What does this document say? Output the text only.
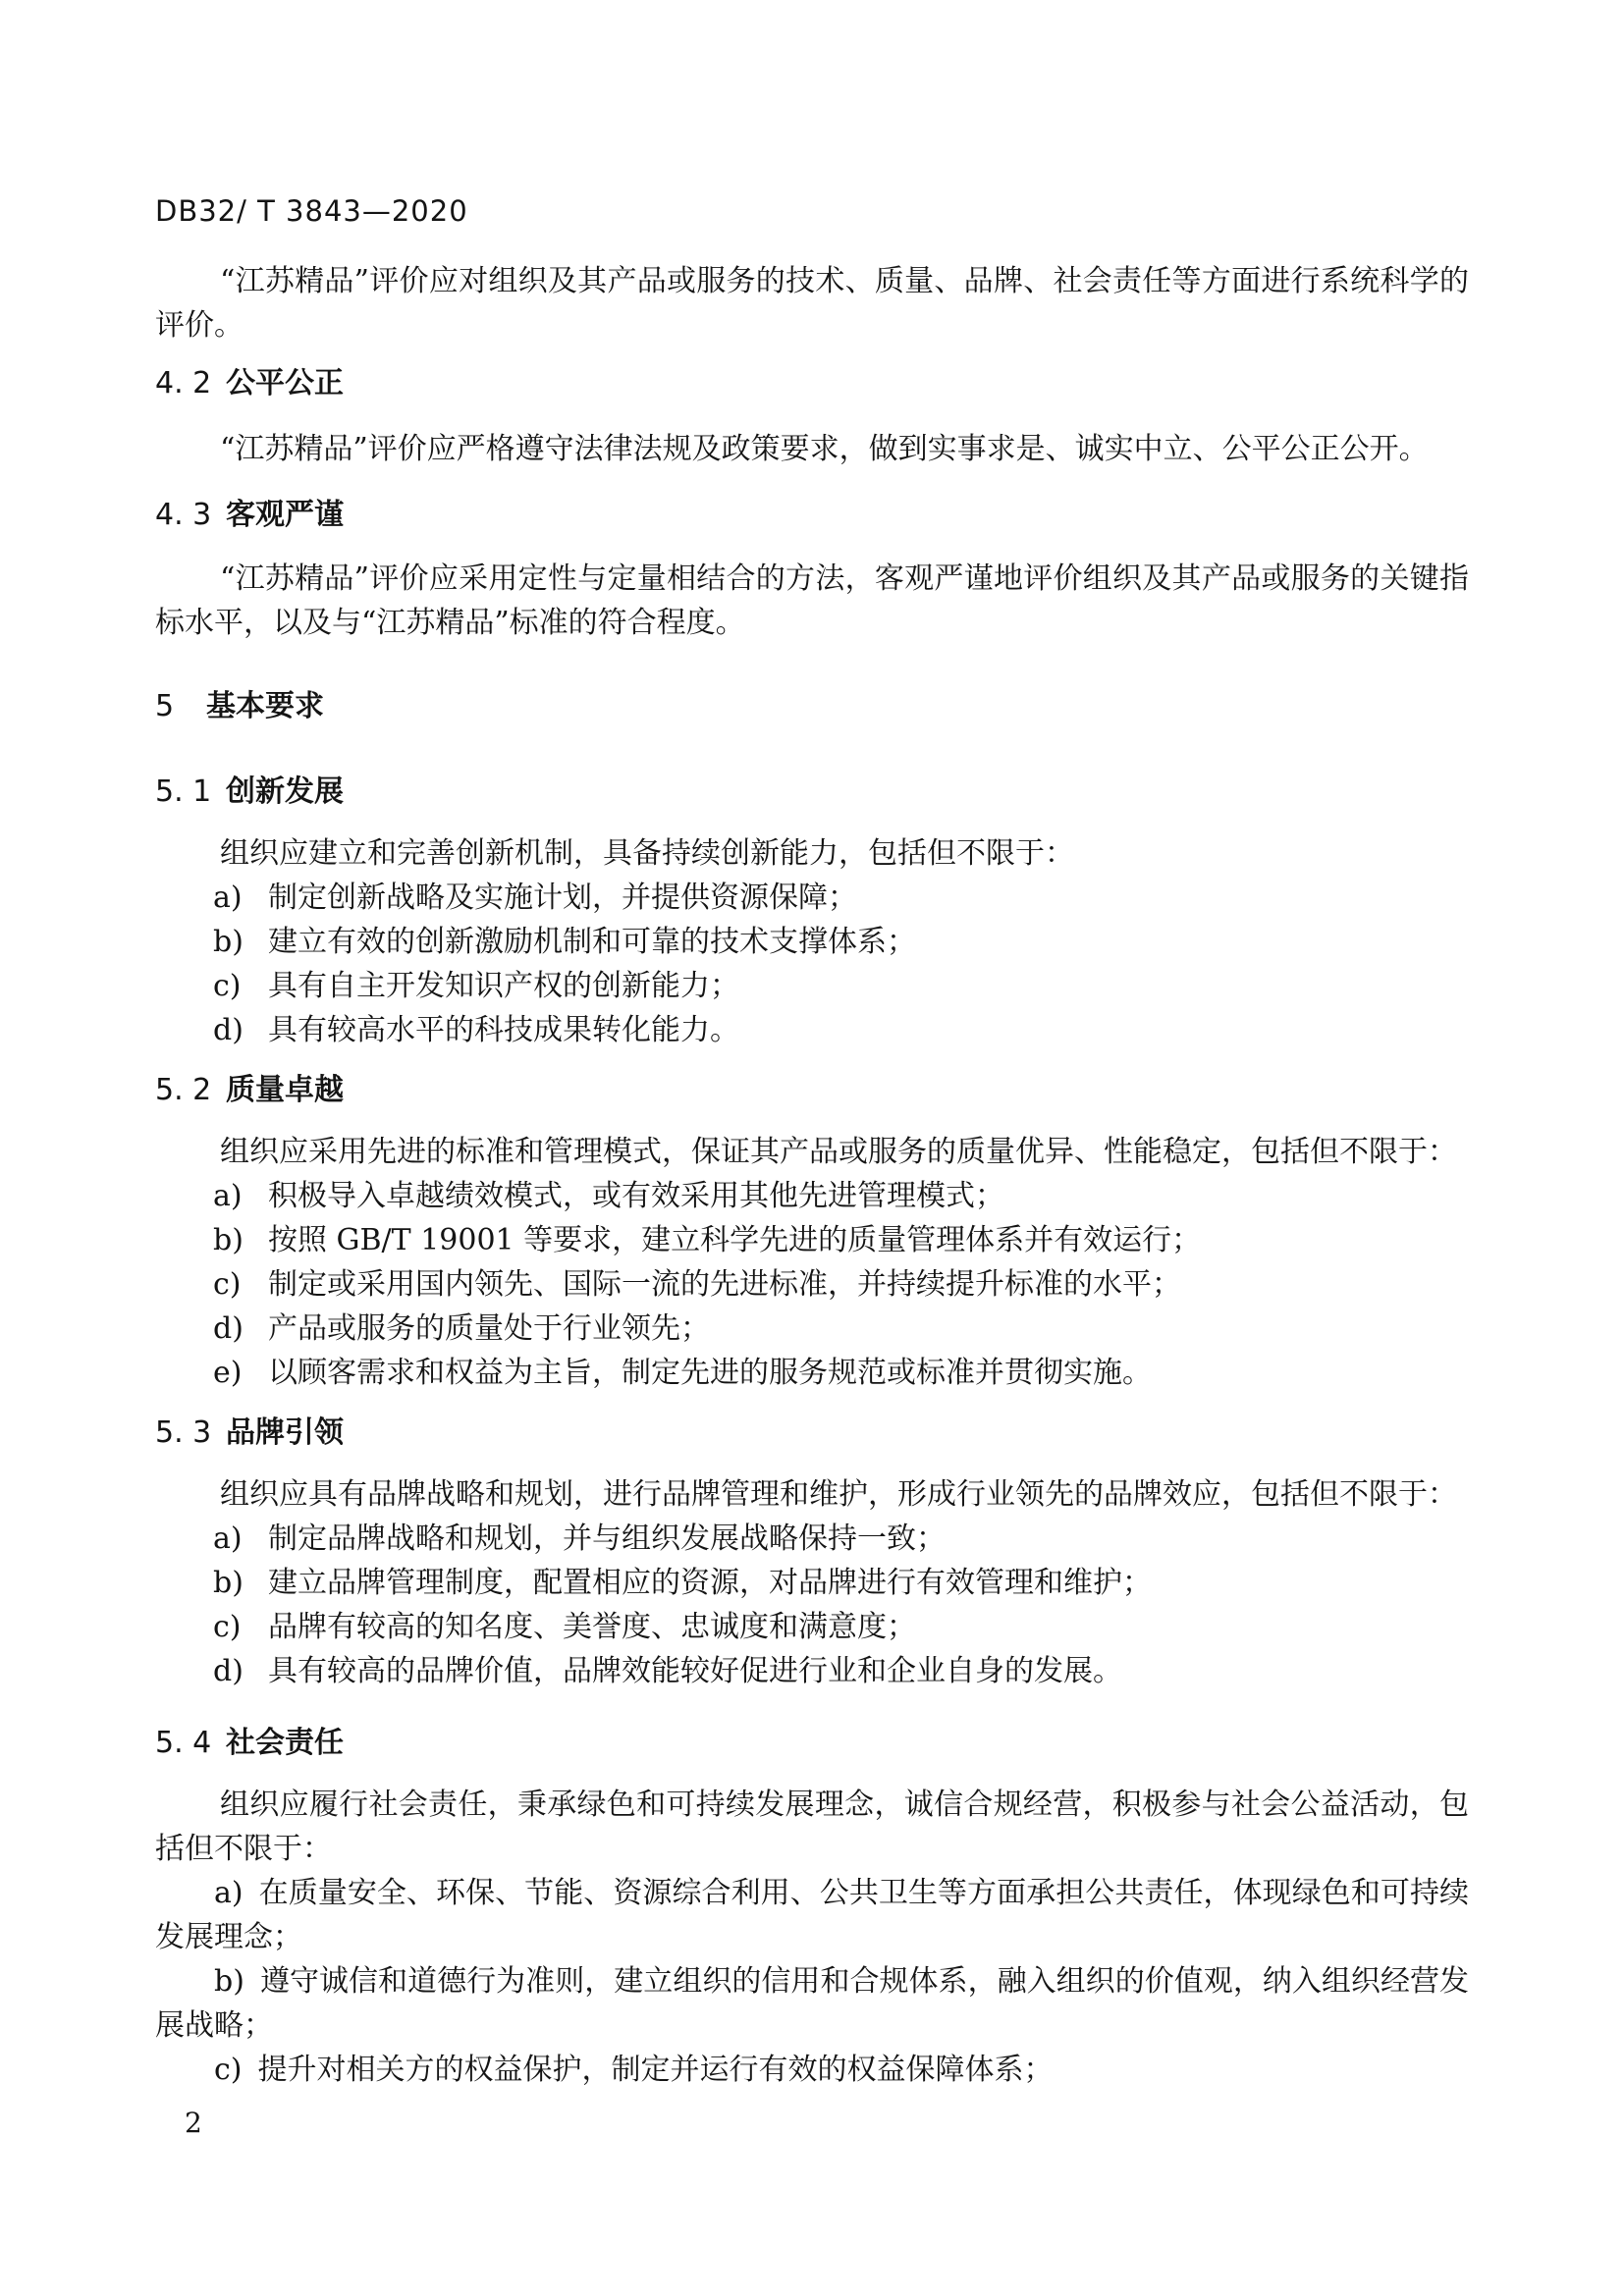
DB32/ T 3843—2020

“江苏精品”评价应对组织及其产品或服务的技术、质量、品牌、社会责任等方面进行系统科学的评价。

4. 2 公平公正

“江苏精品”评价应严格遵守法律法规及政策要求，做到实事求是、诚实中立、公平公正公开。

4. 3 客观严谨

“江苏精品”评价应采用定性与定量相结合的方法，客观严谨地评价组织及其产品或服务的关键指标水平，以及与“江苏精品”标准的符合程度。

5 基本要求
5. 1 创新发展

组织应建立和完善创新机制，具备持续创新能力，包括但不限于：

a) 制定创新战略及实施计划，并提供资源保障；
b) 建立有效的创新激励机制和可靠的技术支撑体系；
c) 具有自主开发知识产权的创新能力；
d) 具有较高水平的科技成果转化能力。
5. 2 质量卓越

组织应采用先进的标准和管理模式，保证其产品或服务的质量优异、性能稳定，包括但不限于：

a) 积极导入卓越绩效模式，或有效采用其他先进管理模式；
b) 按照 GB/T 19001 等要求，建立科学先进的质量管理体系并有效运行；
c) 制定或采用国内领先、国际一流的先进标准，并持续提升标准的水平；
d) 产品或服务的质量处于行业领先；
e) 以顾客需求和权益为主旨，制定先进的服务规范或标准并贯彻实施。
5. 3 品牌引领

组织应具有品牌战略和规划，进行品牌管理和维护，形成行业领先的品牌效应，包括但不限于：

a) 制定品牌战略和规划，并与组织发展战略保持一致；
b) 建立品牌管理制度，配置相应的资源，对品牌进行有效管理和维护；
c) 品牌有较高的知名度、美誉度、忠诚度和满意度；
d) 具有较高的品牌价值，品牌效能较好促进行业和企业自身的发展。
5. 4 社会责任

组织应履行社会责任，秉承绿色和可持续发展理念，诚信合规经营，积极参与社会公益活动，包括但不限于：

a) 在质量安全、环保、节能、资源综合利用、公共卫生等方面承担公共责任，体现绿色和可持续发展理念；

b) 遵守诚信和道德行为准则，建立组织的信用和合规体系，融入组织的价值观，纳入组织经营发展战略；

c) 提升对相关方的权益保护，制定并运行有效的权益保障体系；

2
